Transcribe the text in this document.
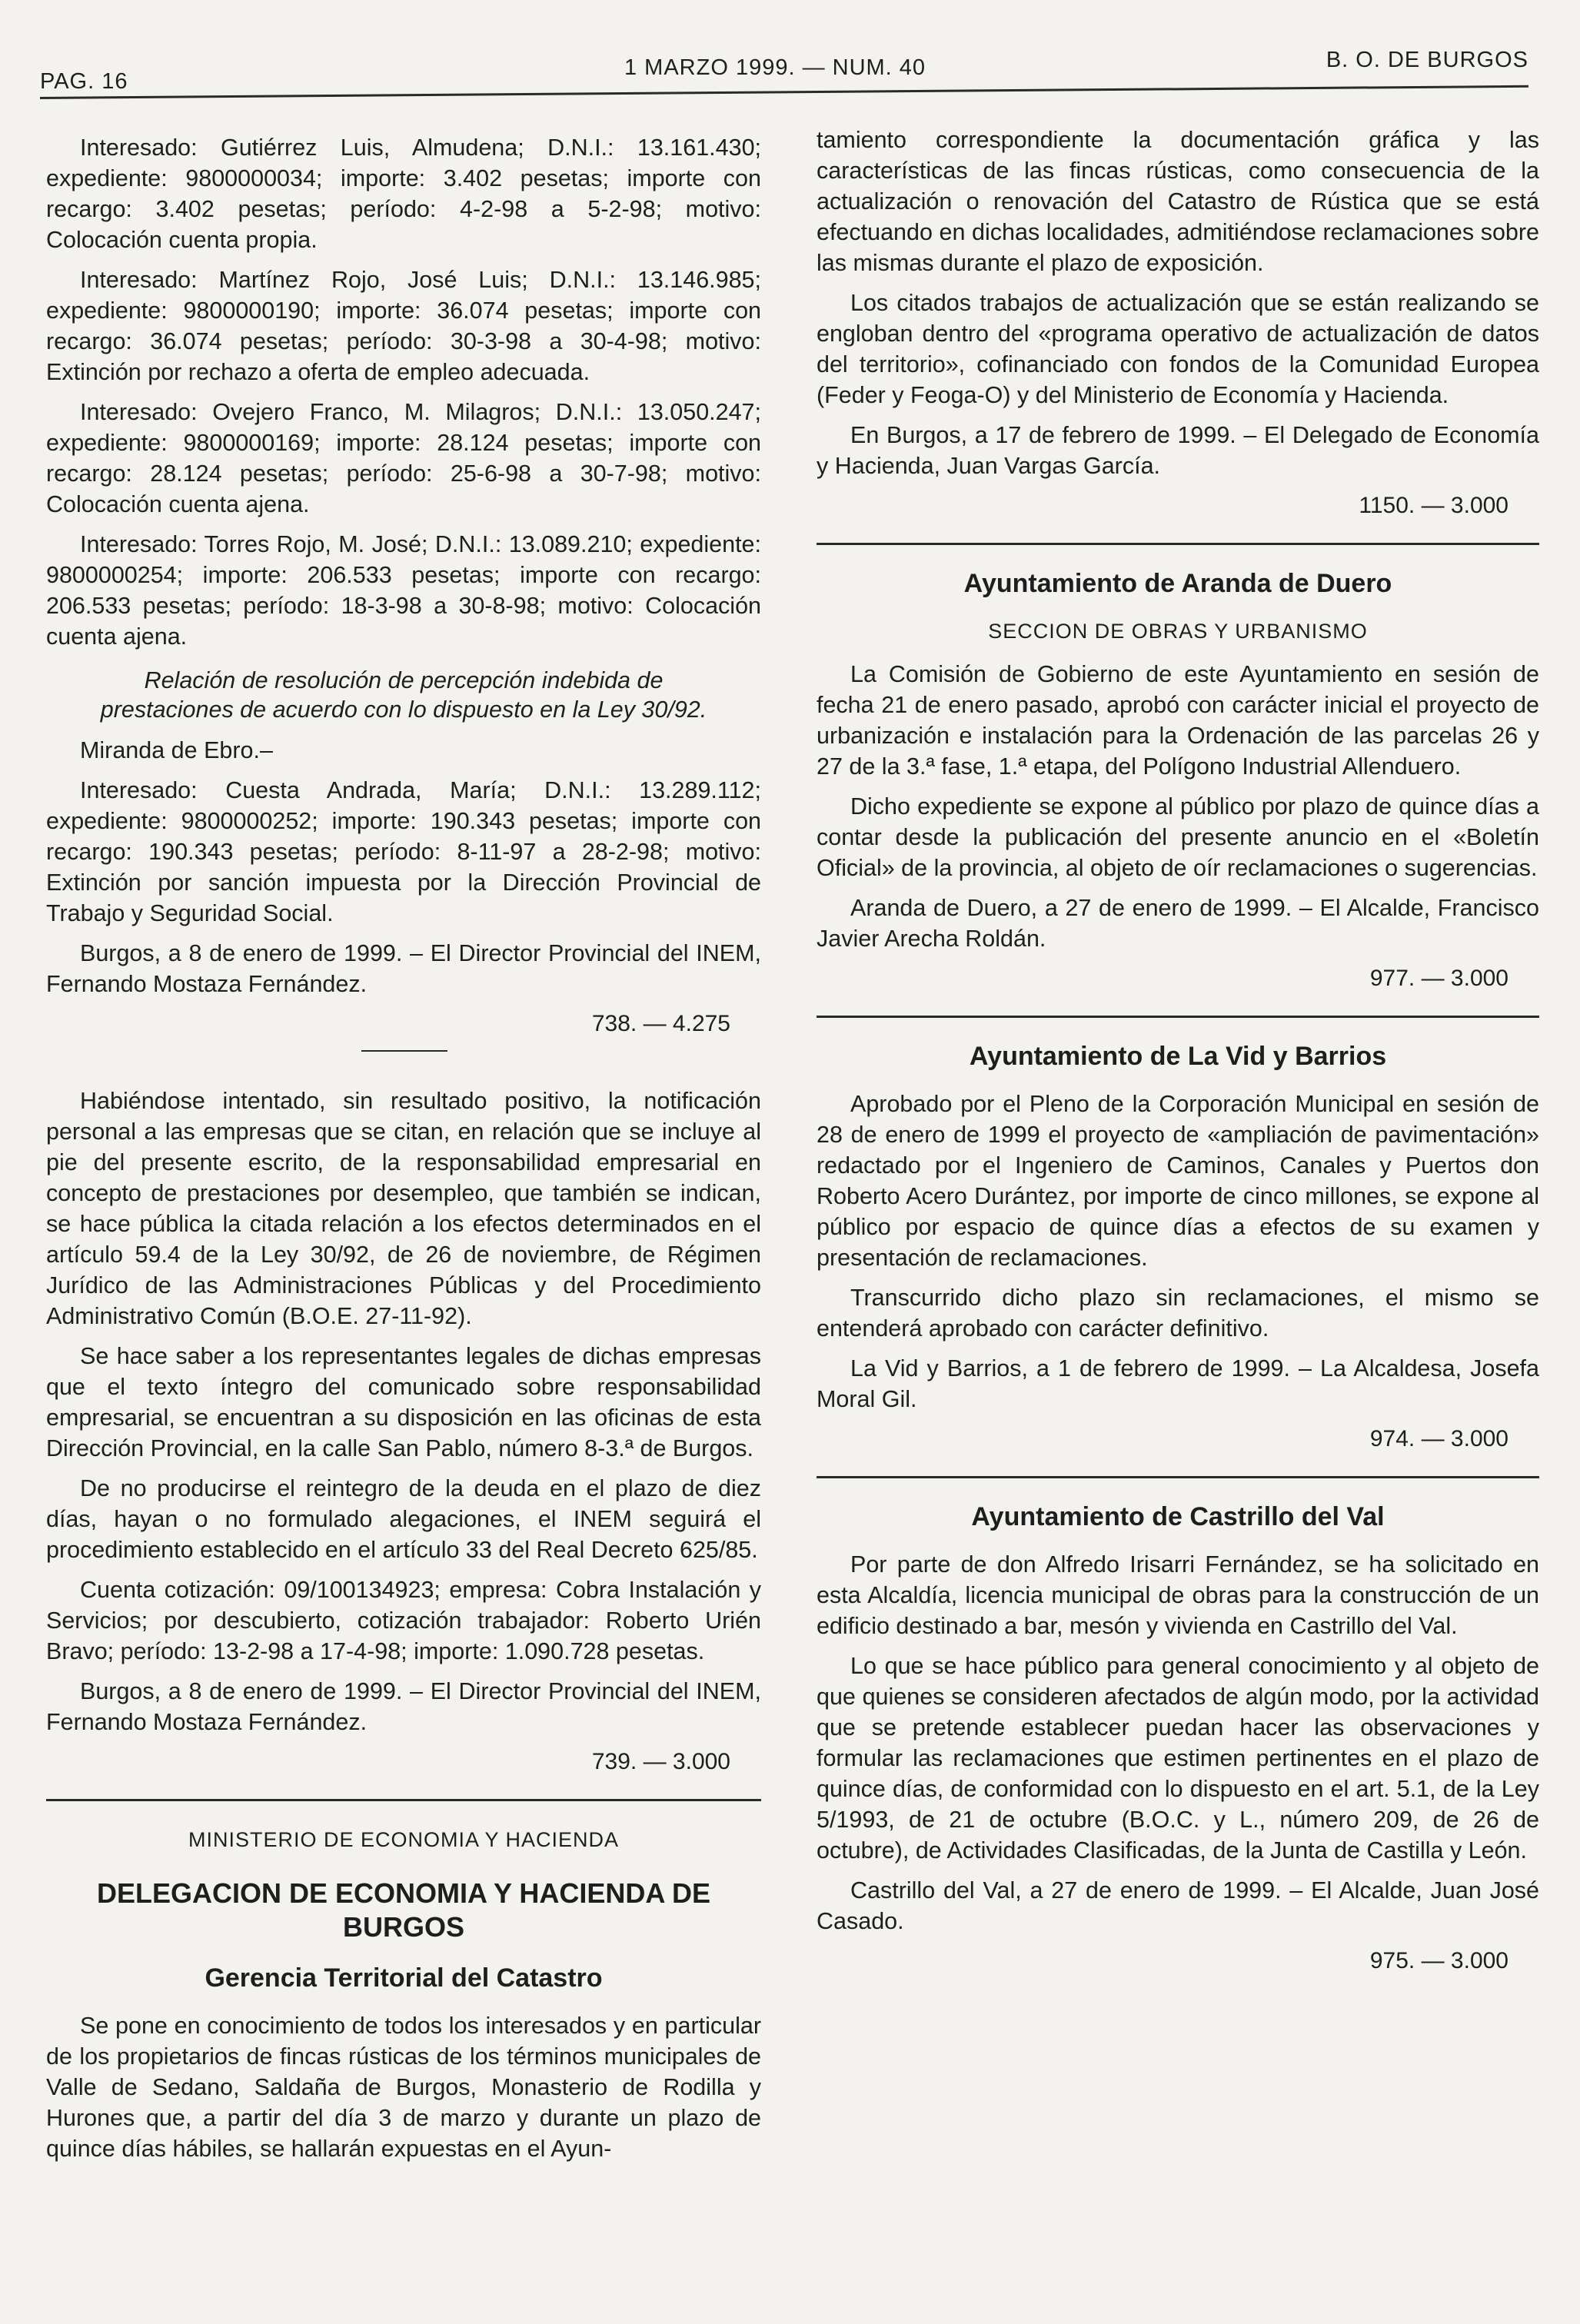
PAG. 16
1 MARZO 1999. — NUM. 40	B. O. DE BURGOS

Interesado: Gutiérrez Luis, Almudena; D.N.I.: 13.161.430; expediente: 9800000034; importe: 3.402 pesetas; importe con recargo: 3.402 pesetas; período: 4-2-98 a 5-2-98; motivo: Colocación cuenta propia.

Interesado: Martínez Rojo, José Luis; D.N.I.: 13.146.985; expediente: 9800000190; importe: 36.074 pesetas; importe con recargo: 36.074 pesetas; período: 30-3-98 a 30-4-98; motivo: Extinción por rechazo a oferta de empleo adecuada.

Interesado: Ovejero Franco, M. Milagros; D.N.I.: 13.050.247; expediente: 9800000169; importe: 28.124 pesetas; importe con recargo: 28.124 pesetas; período: 25-6-98 a 30-7-98; motivo: Colocación cuenta ajena.

Interesado: Torres Rojo, M. José; D.N.I.: 13.089.210; expediente: 9800000254; importe: 206.533 pesetas; importe con recargo: 206.533 pesetas; período: 18-3-98 a 30-8-98; motivo: Colocación cuenta ajena.

Relación de resolución de percepción indebida de prestaciones de acuerdo con lo dispuesto en la Ley 30/92.

Miranda de Ebro.–

Interesado: Cuesta Andrada, María; D.N.I.: 13.289.112; expediente: 9800000252; importe: 190.343 pesetas; importe con recargo: 190.343 pesetas; período: 8-11-97 a 28-2-98; motivo: Extinción por sanción impuesta por la Dirección Provincial de Trabajo y Seguridad Social.

Burgos, a 8 de enero de 1999. – El Director Provincial del INEM, Fernando Mostaza Fernández.

738. — 4.275

Habiéndose intentado, sin resultado positivo, la notificación personal a las empresas que se citan, en relación que se incluye al pie del presente escrito, de la responsabilidad empresarial en concepto de prestaciones por desempleo, que también se indican, se hace pública la citada relación a los efectos determinados en el artículo 59.4 de la Ley 30/92, de 26 de noviembre, de Régimen Jurídico de las Administraciones Públicas y del Procedimiento Administrativo Común (B.O.E. 27-11-92).

Se hace saber a los representantes legales de dichas empresas que el texto íntegro del comunicado sobre responsabilidad empresarial, se encuentran a su disposición en las oficinas de esta Dirección Provincial, en la calle San Pablo, número 8-3.ª de Burgos.

De no producirse el reintegro de la deuda en el plazo de diez días, hayan o no formulado alegaciones, el INEM seguirá el procedimiento establecido en el artículo 33 del Real Decreto 625/85.

Cuenta cotización: 09/100134923; empresa: Cobra Instalación y Servicios; por descubierto, cotización trabajador: Roberto Urién Bravo; período: 13-2-98 a 17-4-98; importe: 1.090.728 pesetas.

Burgos, a 8 de enero de 1999. – El Director Provincial del INEM, Fernando Mostaza Fernández.

739. — 3.000
MINISTERIO DE ECONOMIA Y HACIENDA
DELEGACION DE ECONOMIA Y HACIENDA DE BURGOS
Gerencia Territorial del Catastro

Se pone en conocimiento de todos los interesados y en particular de los propietarios de fincas rústicas de los términos municipales de Valle de Sedano, Saldaña de Burgos, Monasterio de Rodilla y Hurones que, a partir del día 3 de marzo y durante un plazo de quince días hábiles, se hallarán expuestas en el Ayun-

tamiento correspondiente la documentación gráfica y las características de las fincas rústicas, como consecuencia de la actualización o renovación del Catastro de Rústica que se está efectuando en dichas localidades, admitiéndose reclamaciones sobre las mismas durante el plazo de exposición.

Los citados trabajos de actualización que se están realizando se engloban dentro del «programa operativo de actualización de datos del territorio», cofinanciado con fondos de la Comunidad Europea (Feder y Feoga-O) y del Ministerio de Economía y Hacienda.

En Burgos, a 17 de febrero de 1999. – El Delegado de Economía y Hacienda, Juan Vargas García.

1150. — 3.000
Ayuntamiento de Aranda de Duero
SECCION DE OBRAS Y URBANISMO

La Comisión de Gobierno de este Ayuntamiento en sesión de fecha 21 de enero pasado, aprobó con carácter inicial el proyecto de urbanización e instalación para la Ordenación de las parcelas 26 y 27 de la 3.ª fase, 1.ª etapa, del Polígono Industrial Allenduero.

Dicho expediente se expone al público por plazo de quince días a contar desde la publicación del presente anuncio en el «Boletín Oficial» de la provincia, al objeto de oír reclamaciones o sugerencias.

Aranda de Duero, a 27 de enero de 1999. – El Alcalde, Francisco Javier Arecha Roldán.

977. — 3.000
Ayuntamiento de La Vid y Barrios

Aprobado por el Pleno de la Corporación Municipal en sesión de 28 de enero de 1999 el proyecto de «ampliación de pavimentación» redactado por el Ingeniero de Caminos, Canales y Puertos don Roberto Acero Durántez, por importe de cinco millones, se expone al público por espacio de quince días a efectos de su examen y presentación de reclamaciones.

Transcurrido dicho plazo sin reclamaciones, el mismo se entenderá aprobado con carácter definitivo.

La Vid y Barrios, a 1 de febrero de 1999. – La Alcaldesa, Josefa Moral Gil.

974. — 3.000
Ayuntamiento de Castrillo del Val

Por parte de don Alfredo Irisarri Fernández, se ha solicitado en esta Alcaldía, licencia municipal de obras para la construcción de un edificio destinado a bar, mesón y vivienda en Castrillo del Val.

Lo que se hace público para general conocimiento y al objeto de que quienes se consideren afectados de algún modo, por la actividad que se pretende establecer puedan hacer las observaciones y formular las reclamaciones que estimen pertinentes en el plazo de quince días, de conformidad con lo dispuesto en el art. 5.1, de la Ley 5/1993, de 21 de octubre (B.O.C. y L., número 209, de 26 de octubre), de Actividades Clasificadas, de la Junta de Castilla y León.

Castrillo del Val, a 27 de enero de 1999. – El Alcalde, Juan José Casado.

975. — 3.000
